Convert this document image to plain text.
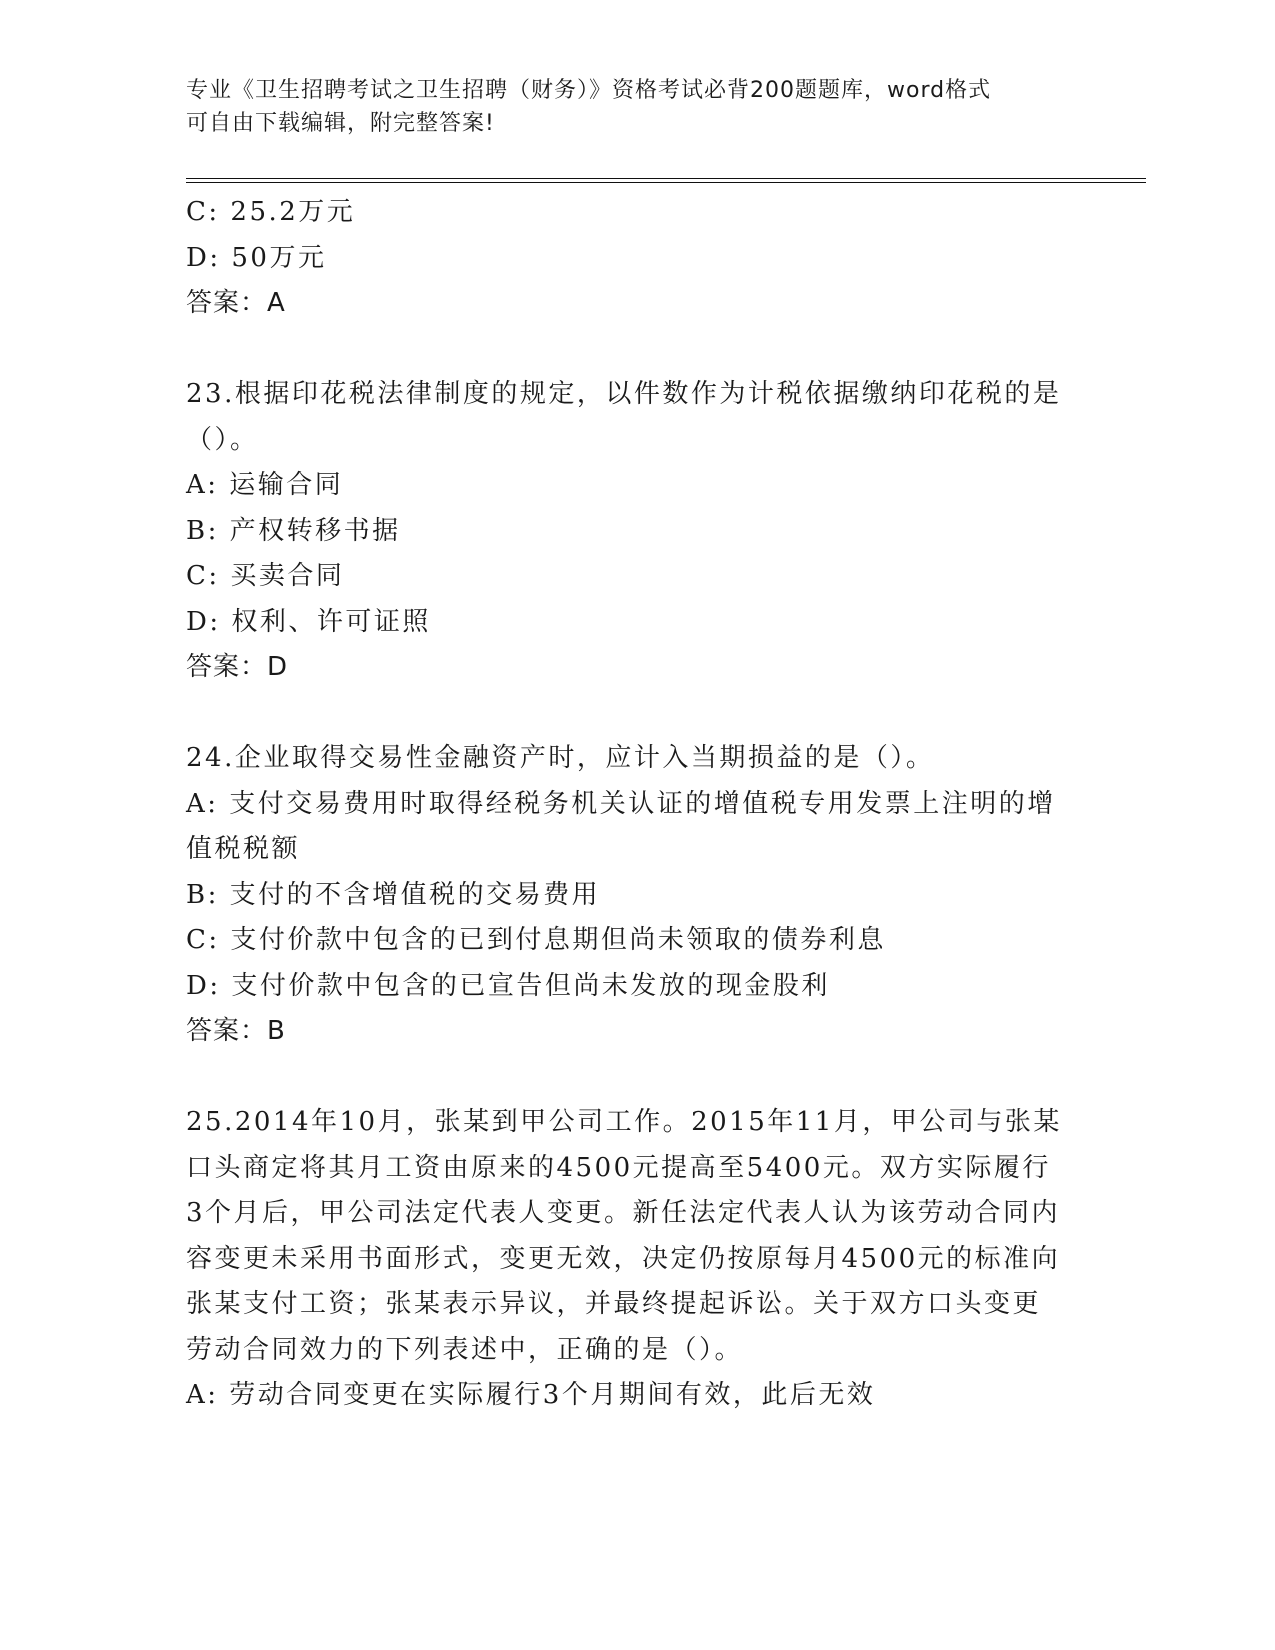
专业《卫生招聘考试之卫生招聘（财务）》资格考试必背200题题库，word格式
可自由下载编辑，附完整答案!
C: 25.2万元
D: 50万元
答案：A
23.根据印花税法律制度的规定，以件数作为计税依据缴纳印花税的是
（）。
A: 运输合同
B: 产权转移书据
C: 买卖合同
D: 权利、许可证照
答案：D
24.企业取得交易性金融资产时，应计入当期损益的是（）。
A: 支付交易费用时取得经税务机关认证的增值税专用发票上注明的增
值税税额
B: 支付的不含增值税的交易费用
C: 支付价款中包含的已到付息期但尚未领取的债券利息
D: 支付价款中包含的已宣告但尚未发放的现金股利
答案：B
25.2014年10月，张某到甲公司工作。2015年11月，甲公司与张某
口头商定将其月工资由原来的4500元提高至5400元。双方实际履行
3个月后，甲公司法定代表人变更。新任法定代表人认为该劳动合同内
容变更未采用书面形式，变更无效，决定仍按原每月4500元的标准向
张某支付工资；张某表示异议，并最终提起诉讼。关于双方口头变更
劳动合同效力的下列表述中，正确的是（）。
A: 劳动合同变更在实际履行3个月期间有效，此后无效
